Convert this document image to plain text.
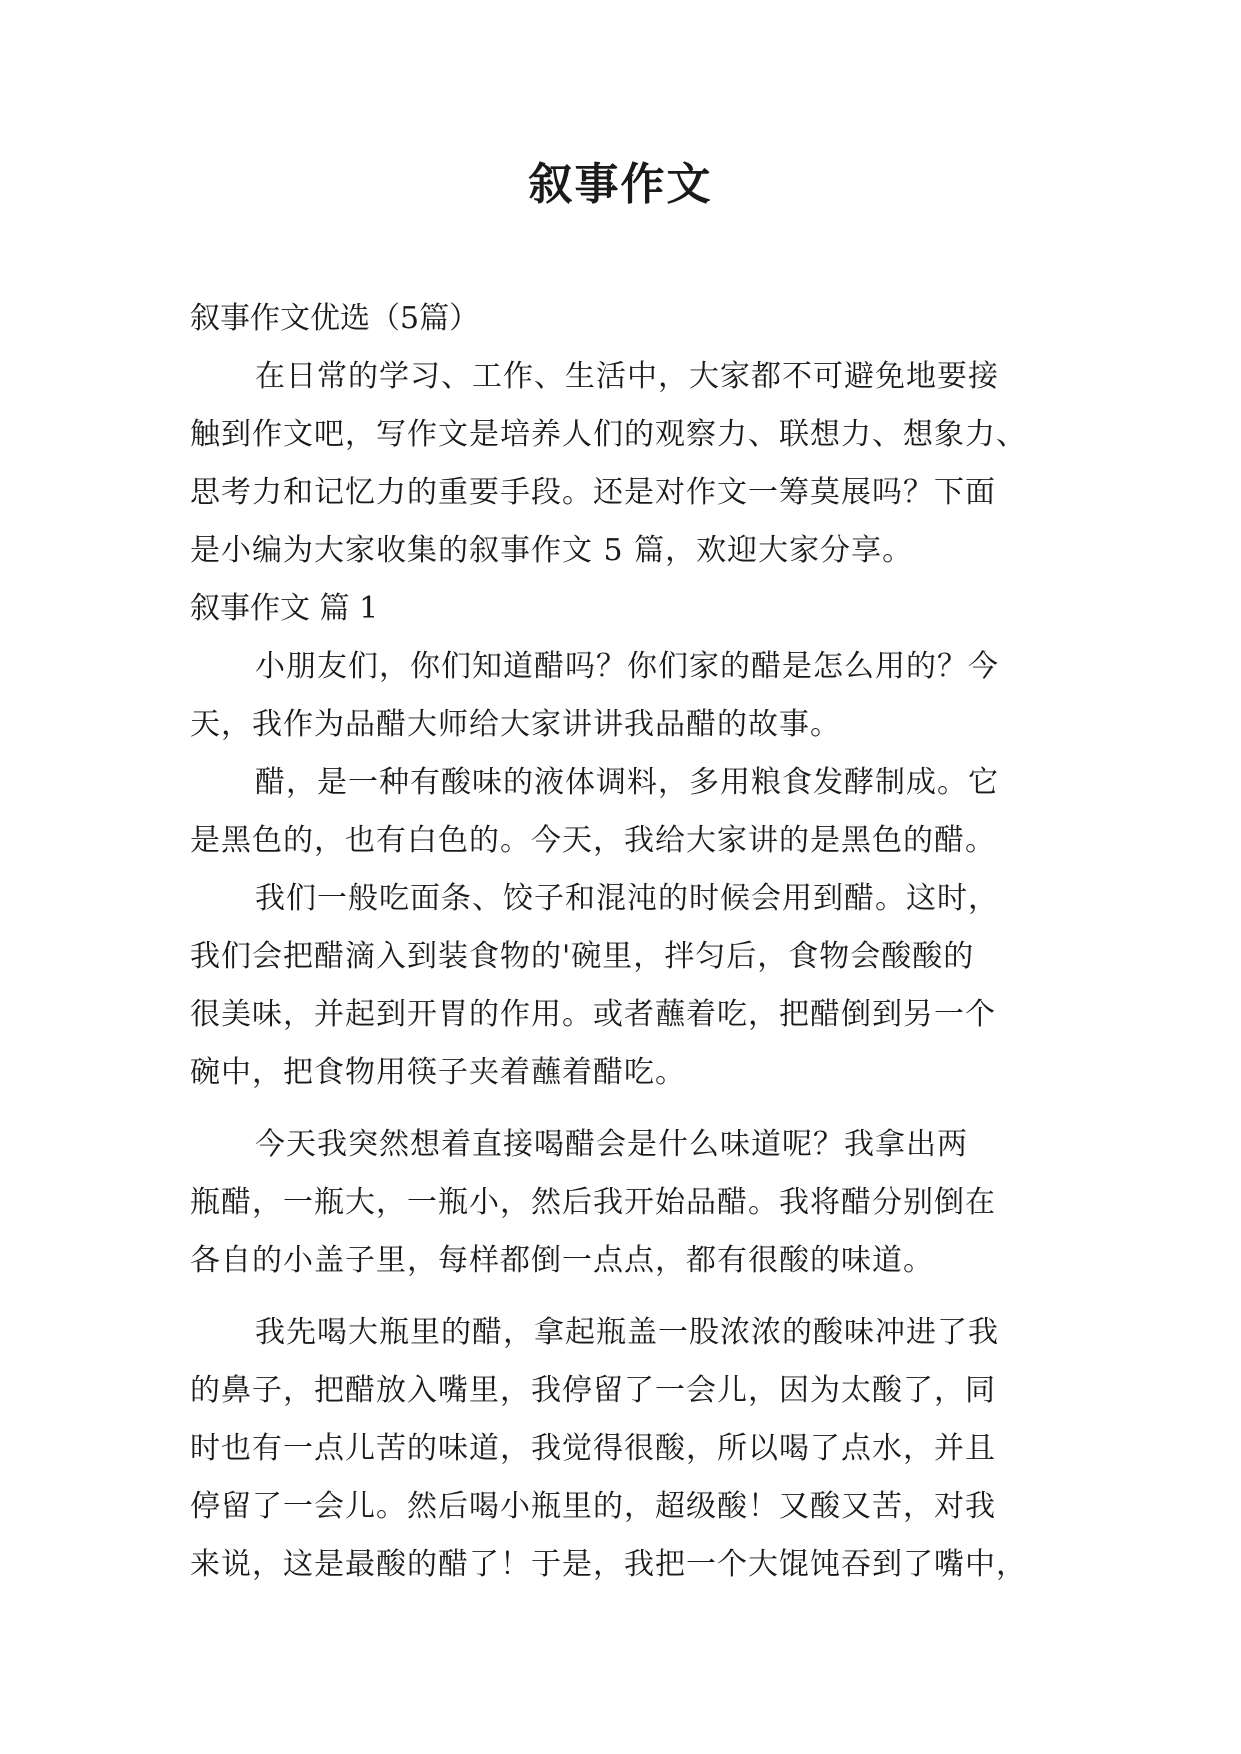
叙事作文
叙事作文优选（5篇）
在日常的学习、工作、生活中，大家都不可避免地要接
触到作文吧，写作文是培养人们的观察力、联想力、想象力、
思考力和记忆力的重要手段。还是对作文一筹莫展吗？下面
是小编为大家收集的叙事作文 5 篇，欢迎大家分享。
叙事作文 篇 1
小朋友们，你们知道醋吗？你们家的醋是怎么用的？今
天，我作为品醋大师给大家讲讲我品醋的故事。
醋，是一种有酸味的液体调料，多用粮食发酵制成。它
是黑色的，也有白色的。今天，我给大家讲的是黑色的醋。
我们一般吃面条、饺子和混沌的时候会用到醋。这时，
我们会把醋滴入到装食物的'碗里，拌匀后，食物会酸酸的
很美味，并起到开胃的作用。或者蘸着吃，把醋倒到另一个
碗中，把食物用筷子夹着蘸着醋吃。
今天我突然想着直接喝醋会是什么味道呢？我拿出两
瓶醋，一瓶大，一瓶小，然后我开始品醋。我将醋分别倒在
各自的小盖子里，每样都倒一点点，都有很酸的味道。
我先喝大瓶里的醋，拿起瓶盖一股浓浓的酸味冲进了我
的鼻子，把醋放入嘴里，我停留了一会儿，因为太酸了，同
时也有一点儿苦的味道，我觉得很酸，所以喝了点水，并且
停留了一会儿。然后喝小瓶里的，超级酸！又酸又苦，对我
来说，这是最酸的醋了！于是，我把一个大馄饨吞到了嘴中，
